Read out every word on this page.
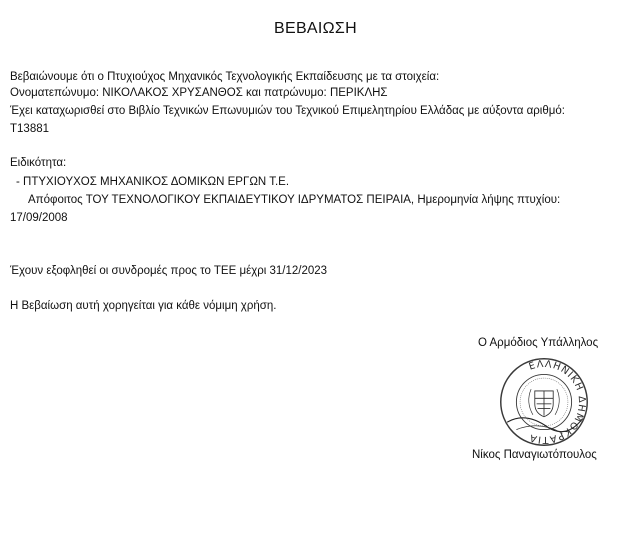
ΒΕΒΑΙΩΣΗ
Βεβαιώνουμε ότι ο Πτυχιούχος Μηχανικός Τεχνολογικής Εκπαίδευσης με τα στοιχεία:
Ονοματεπώνυμο: ΝΙΚΟΛΑΚΟΣ ΧΡΥΣΑΝΘΟΣ και πατρώνυμο: ΠΕΡΙΚΛΗΣ
Έχει καταχωρισθεί στο Βιβλίο Τεχνικών Επωνυμιών του Τεχνικού Επιμελητηρίου Ελλάδας με αύξοντα αριθμό:
Τ13881
Ειδικότητα:
- ΠΤΥΧΙΟΥΧΟΣ ΜΗΧΑΝΙΚΟΣ ΔΟΜΙΚΩΝ ΕΡΓΩΝ Τ.Ε.
Απόφοιτος ΤΟΥ ΤΕΧΝΟΛΟΓΙΚΟΥ ΕΚΠΑΙΔΕΥΤΙΚΟΥ ΙΔΡΥΜΑΤΟΣ ΠΕΙΡΑΙΑ, Ημερομηνία λήψης πτυχίου:
17/09/2008
Έχουν εξοφληθεί οι συνδρομές προς το ΤΕΕ μέχρι 31/12/2023
Η Βεβαίωση αυτή χορηγείται για κάθε νόμιμη χρήση.
Ο Αρμόδιος Υπάλληλος
ΕΛΛΗΝΙΚΗ ΔΗΜΟΚΡΑΤΙΑ
Νίκος Παναγιωτόπουλος
